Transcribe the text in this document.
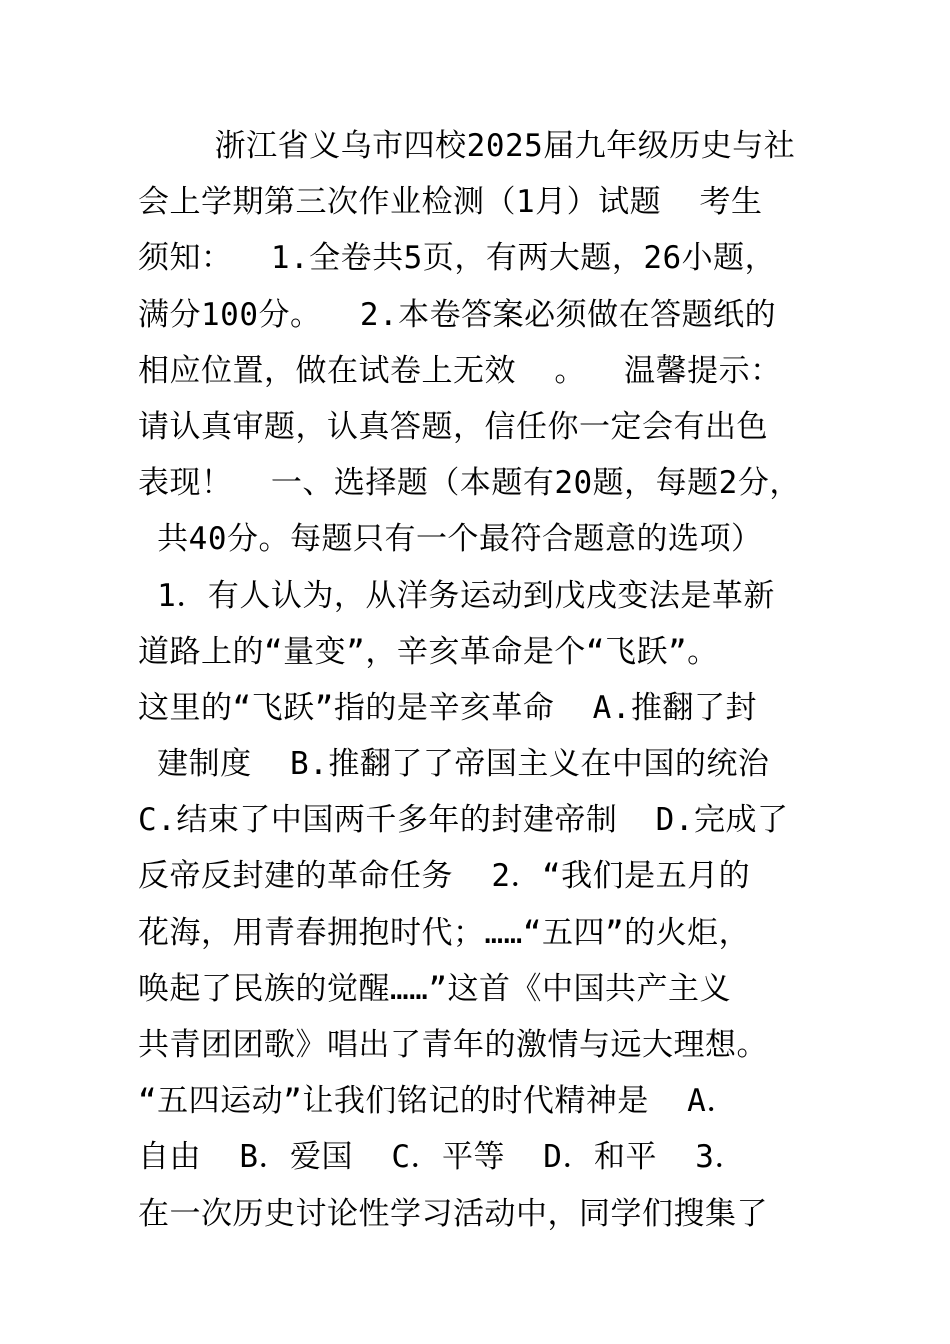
浙江省义乌市四校2025届九年级历史与社
会上学期第三次作业检测（1月）试题  考生
须知：  1.全卷共5页，有两大题，26小题，
满分100分。  2.本卷答案必须做在答题纸的
相应位置，做在试卷上无效  。  温馨提示：
请认真审题，认真答题，信任你一定会有出色
表现！  一、选择题（本题有20题，每题2分，
共40分。每题只有一个最符合题意的选项）
1．有人认为，从洋务运动到戊戌变法是革新
道路上的“量变”，辛亥革命是个“飞跃”。
这里的“飞跃”指的是辛亥革命  A.推翻了封
建制度  B.推翻了了帝国主义在中国的统治
C.结束了中国两千多年的封建帝制  D.完成了
反帝反封建的革命任务  2．“我们是五月的
花海，用青春拥抱时代；……“五四”的火炬，
唤起了民族的觉醒……”这首《中国共产主义
共青团团歌》唱出了青年的激情与远大理想。
“五四运动”让我们铭记的时代精神是  A．
自由  B．爱国  C．平等  D．和平  3．
在一次历史讨论性学习活动中，同学们搜集了
